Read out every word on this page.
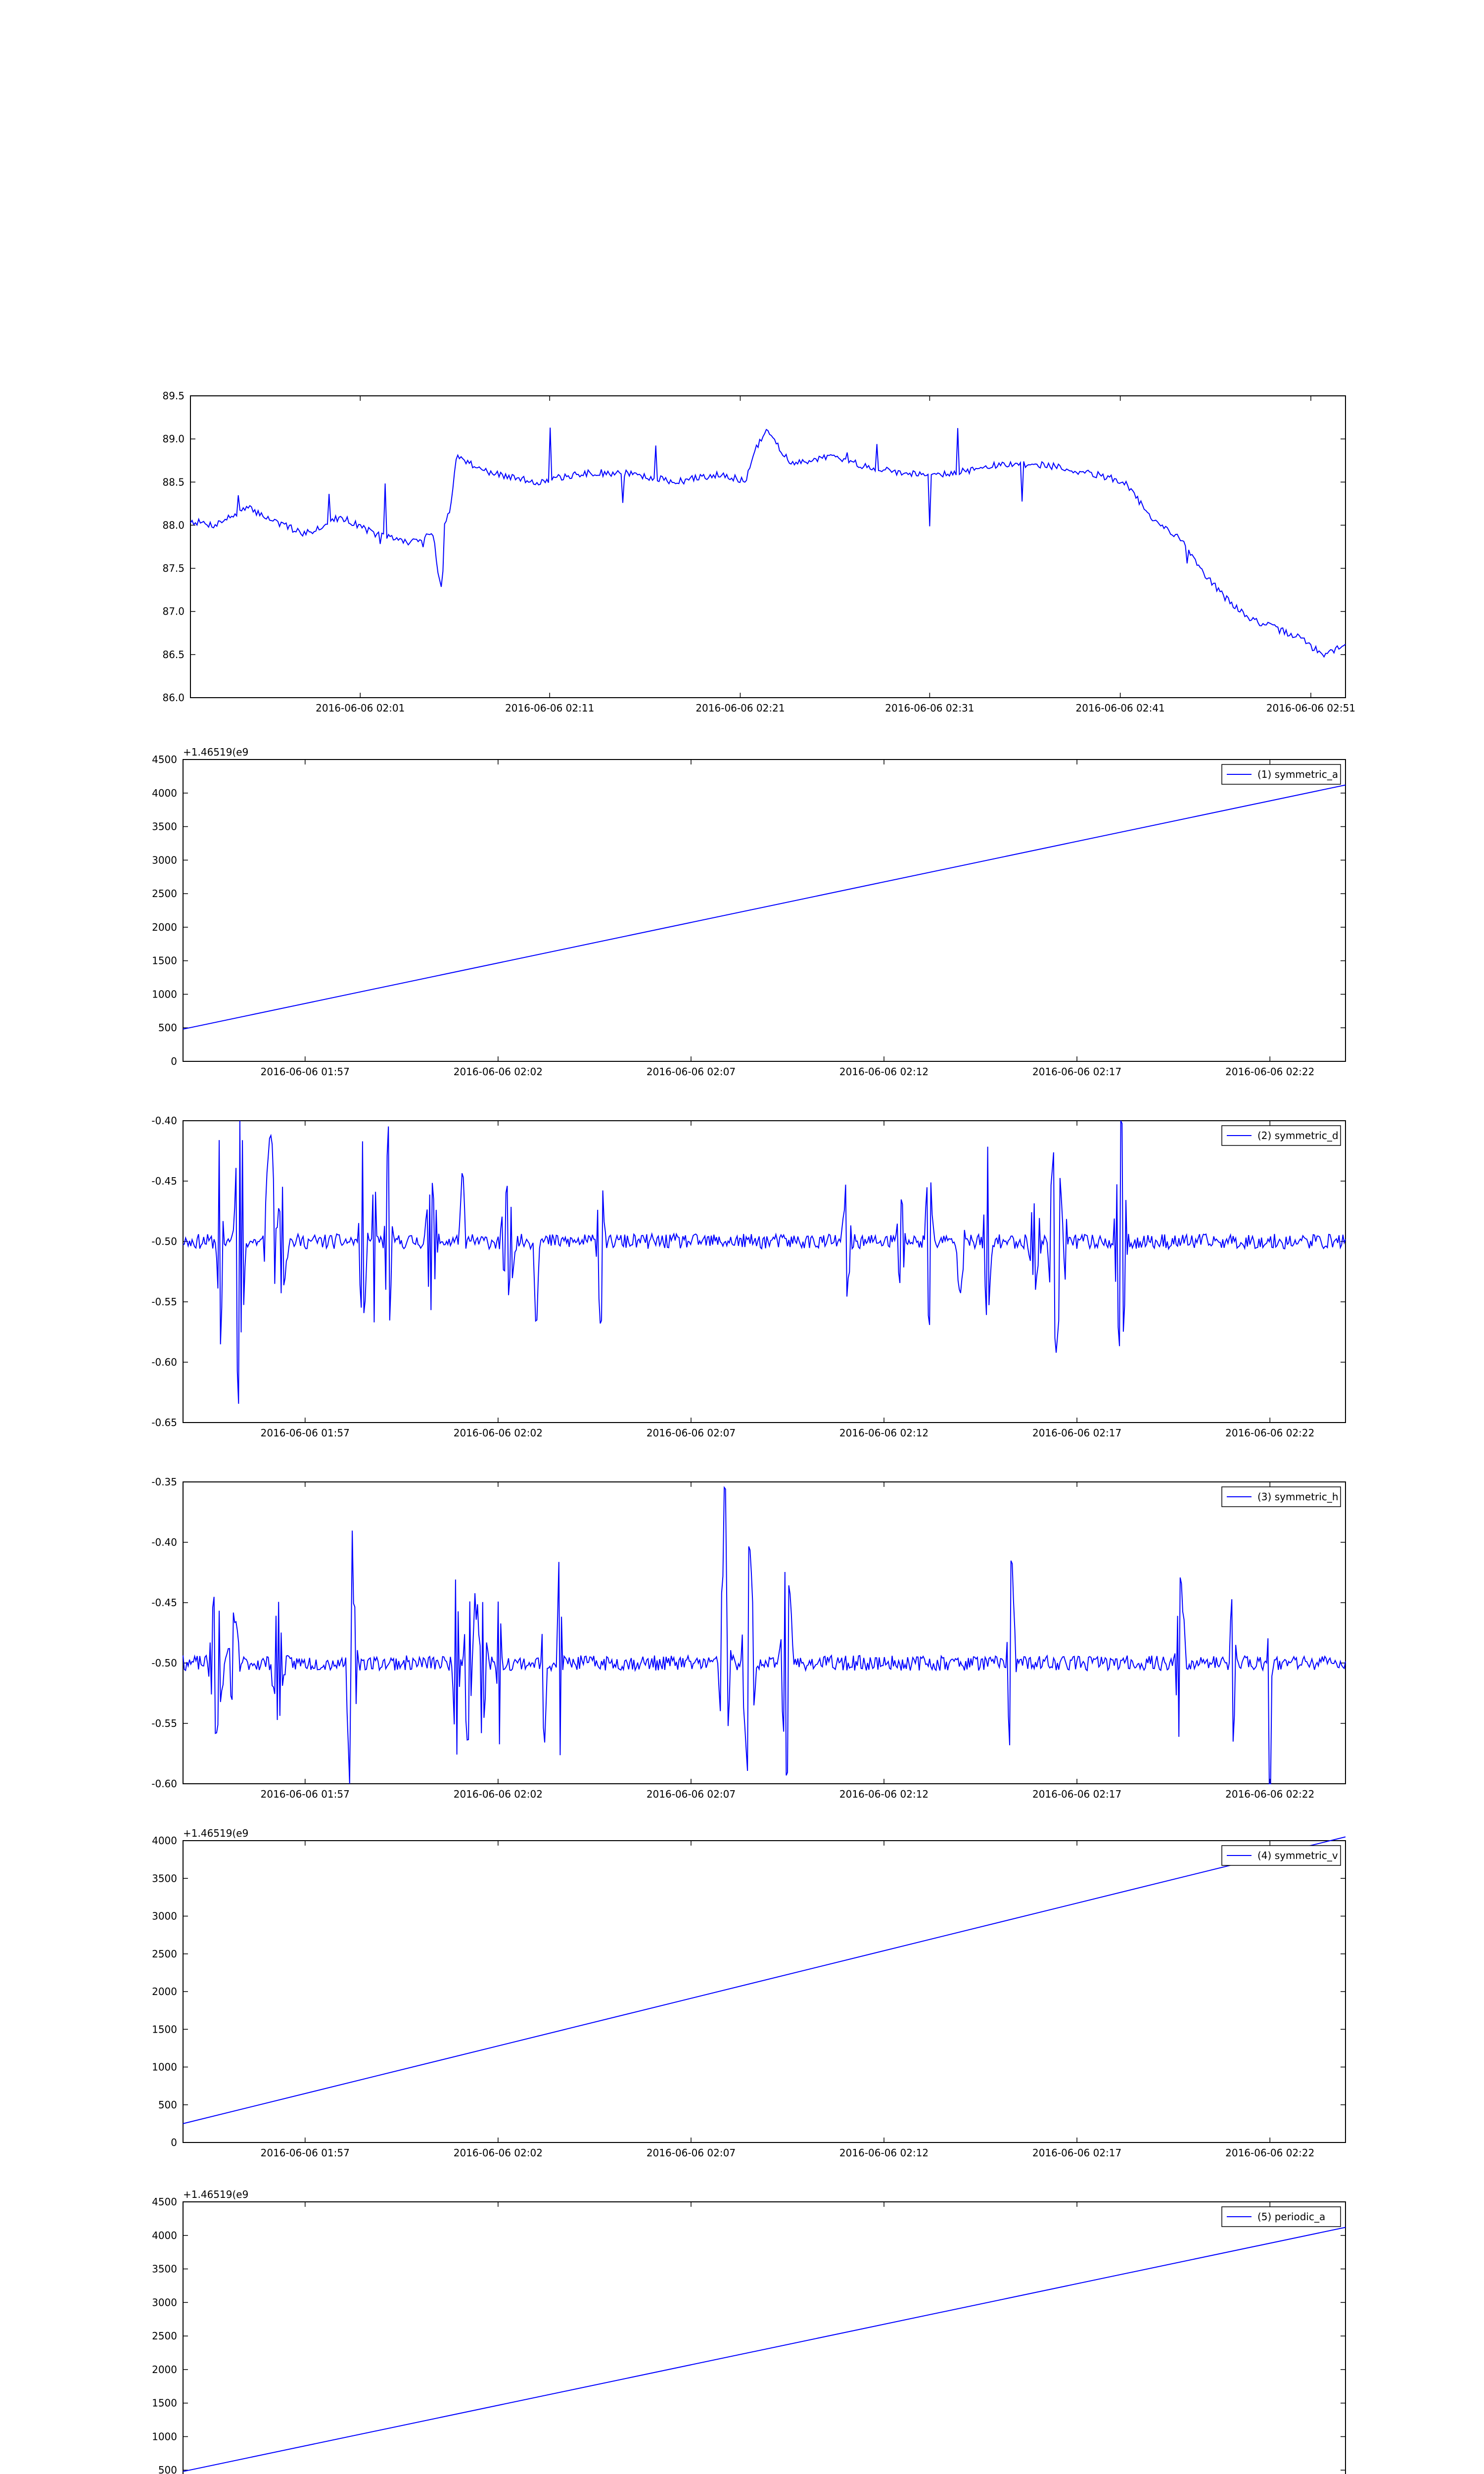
86.0
86.5
87.0
87.5
88.0
88.5
89.0
89.5
2016-06-06 02:01	2016-06-06 02:11	2016-06-06 02:21	2016-06-06 02:31	2016-06-06 02:41	2016-06-06 02:51
0
500
1000
1500
2000
2500
3000
3500
4000
4500
2016-06-06 01:57	2016-06-06 02:02	2016-06-06 02:07	2016-06-06 02:12	2016-06-06 02:17	2016-06-06 02:22
+1.46519(e9
(1) symmetric_a
-0.65
-0.60
-0.55
-0.50
-0.45
-0.40
2016-06-06 01:57	2016-06-06 02:02	2016-06-06 02:07	2016-06-06 02:12	2016-06-06 02:17	2016-06-06 02:22
(2) symmetric_d
-0.60
-0.55
-0.50
-0.45
-0.40
-0.35
2016-06-06 01:57	2016-06-06 02:02	2016-06-06 02:07	2016-06-06 02:12	2016-06-06 02:17	2016-06-06 02:22
(3) symmetric_h
0
500
1000
1500
2000
2500
3000
3500
4000
2016-06-06 01:57	2016-06-06 02:02	2016-06-06 02:07	2016-06-06 02:12	2016-06-06 02:17	2016-06-06 02:22
+1.46519(e9
(4) symmetric_v
500
1000
1500
2000
2500
3000
3500
4000
4500
+1.46519(e9
(5) periodic_a
